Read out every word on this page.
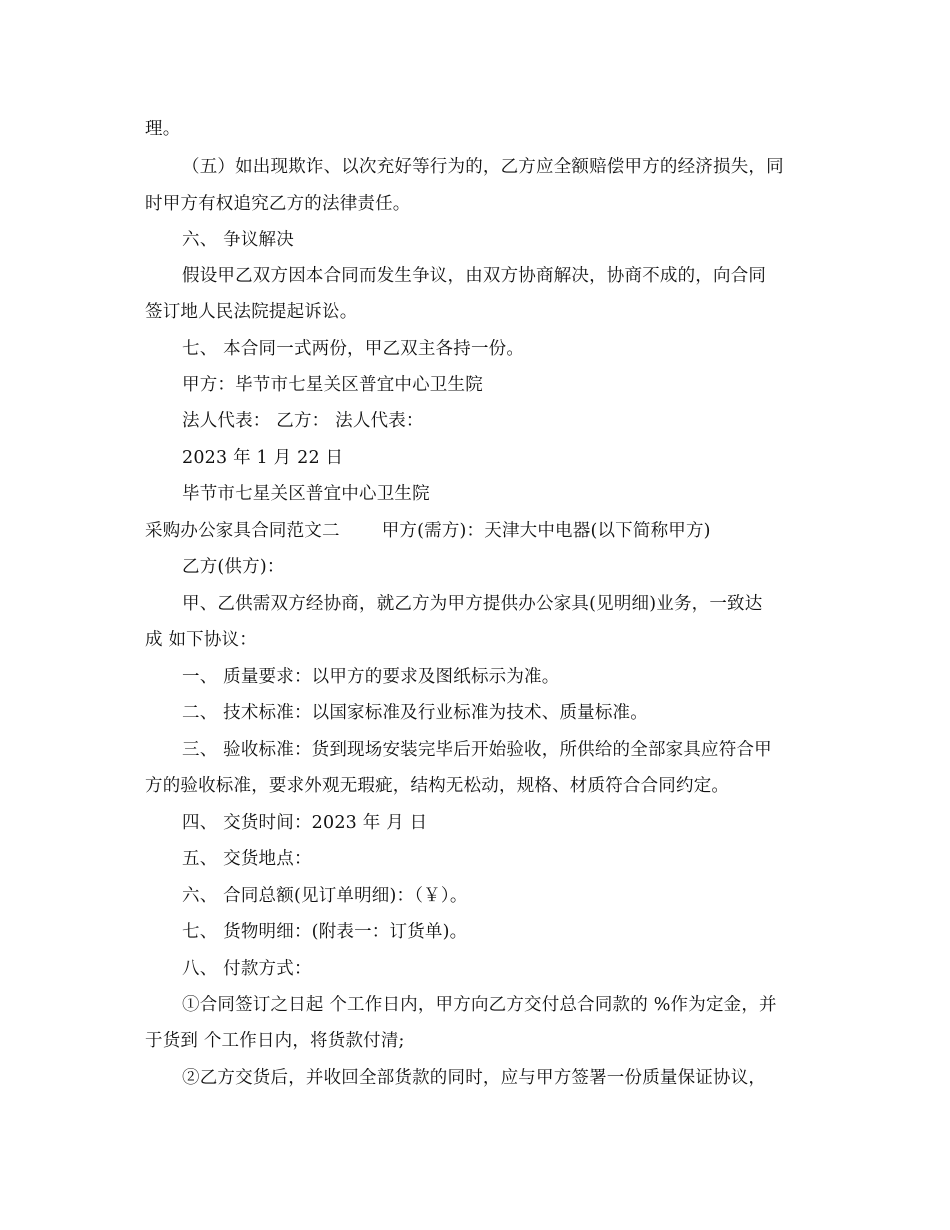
理。
（五）如出现欺诈、以次充好等行为的，乙方应全额赔偿甲方的经济损失，同
时甲方有权追究乙方的法律责任。
六、 争议解决
假设甲乙双方因本合同而发生争议，由双方协商解决，协商不成的，向合同
签订地人民法院提起诉讼。
七、 本合同一式两份，甲乙双主各持一份。
甲方：毕节市七星关区普宜中心卫生院
法人代表： 乙方： 法人代表：
2023 年 1 月 22 日
毕节市七星关区普宜中心卫生院
采购办公家具合同范文二 甲方(需方)：天津大中电器(以下简称甲方)
乙方(供方)：
甲、乙供需双方经协商，就乙方为甲方提供办公家具(见明细)业务，一致达
成 如下协议：
一、 质量要求：以甲方的要求及图纸标示为准。
二、 技术标准：以国家标准及行业标准为技术、质量标准。
三、 验收标准：货到现场安装完毕后开始验收，所供给的全部家具应符合甲
方的验收标准，要求外观无瑕疵，结构无松动，规格、材质符合合同约定。
四、 交货时间：2023 年 月 日
五、 交货地点：
六、 合同总额(见订单明细)：（￥）。
七、 货物明细：(附表一：订货单)。
八、 付款方式：
①合同签订之日起 个工作日内，甲方向乙方交付总合同款的 %作为定金，并
于货到 个工作日内，将货款付清;
②乙方交货后，并收回全部货款的同时，应与甲方签署一份质量保证协议，
